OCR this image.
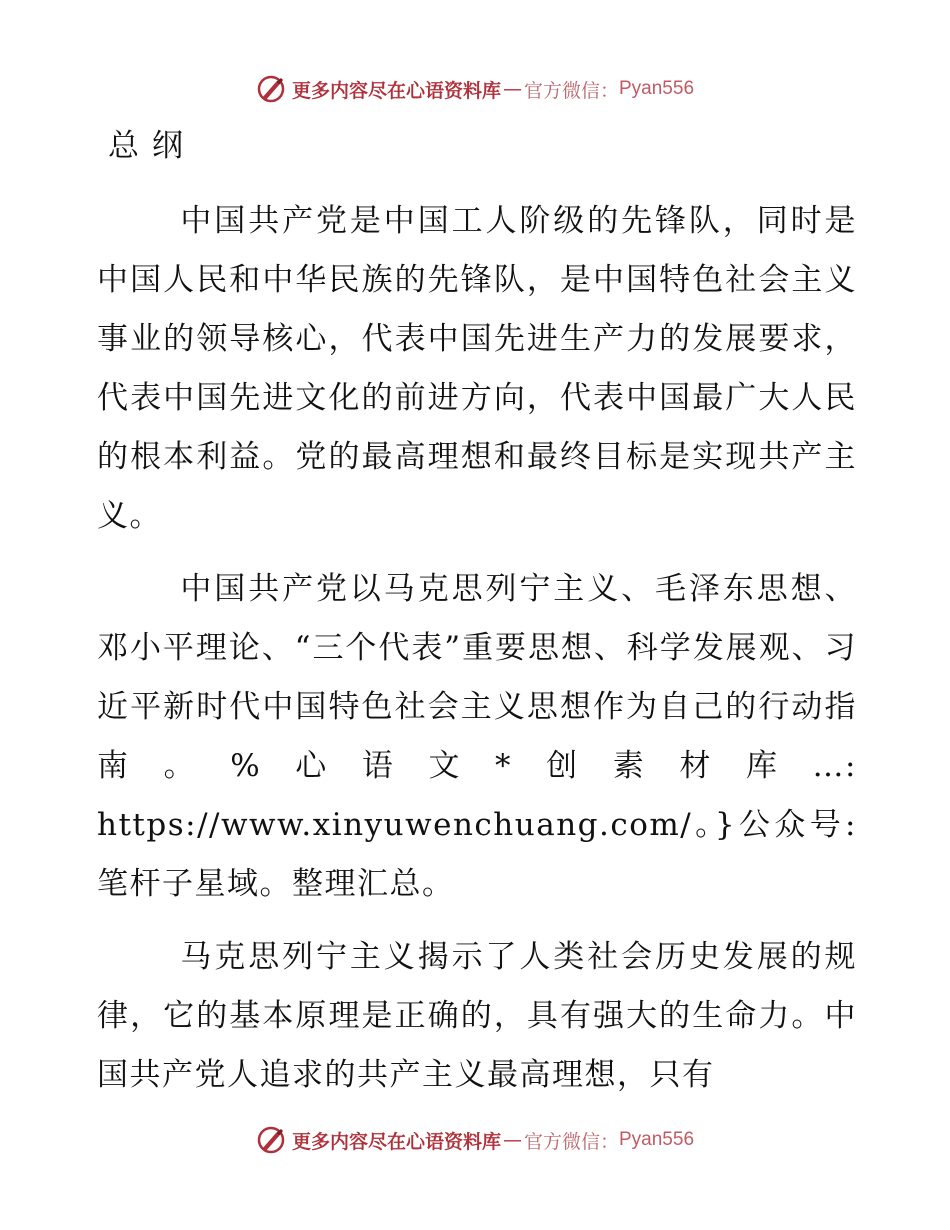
更多内容尽在心语资料库 — 官方微信： Pyan556
总纲

中国共产党是中国工人阶级的先锋队，同时是中国人民和中华民族的先锋队，是中国特色社会主义事业的领导核心，代表中国先进生产力的发展要求，代表中国先进文化的前进方向，代表中国最广大人民的根本利益。党的最高理想和最终目标是实现共产主义。

中国共产党以马克思列宁主义、毛泽东思想、邓小平理论、“三个代表”重要思想、科学发展观、习近平新时代中国特色社会主义思想作为自己的行动指南。%心语文*创素材库…: https://www.xinyuwenchuang.com/。}公众号: 笔杆子星域。整理汇总。

马克思列宁主义揭示了人类社会历史发展的规律，它的基本原理是正确的，具有强大的生命力。中国共产党人追求的共产主义最高理想，只有

更多内容尽在心语资料库 — 官方微信： Pyan556
